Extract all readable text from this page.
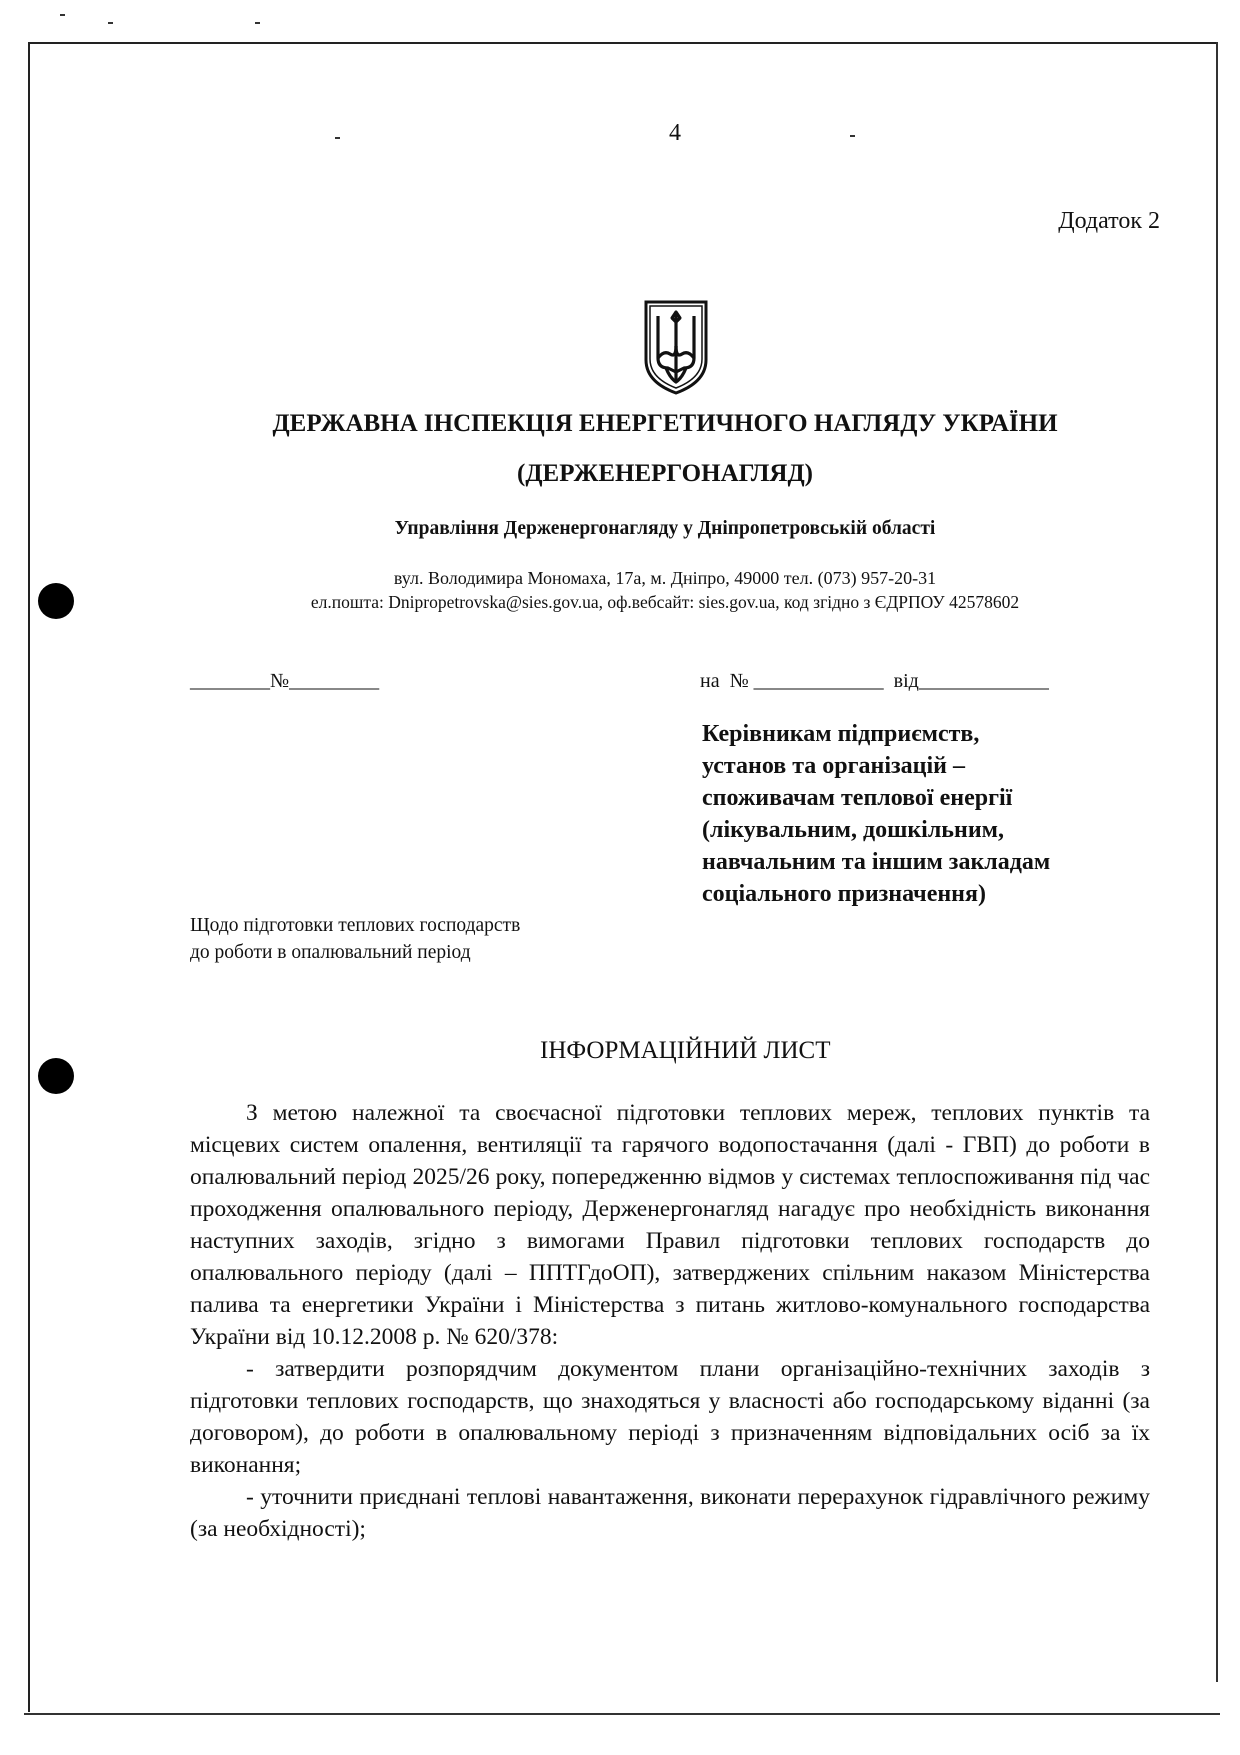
4
Додаток 2
ДЕРЖАВНА ІНСПЕКЦІЯ ЕНЕРГЕТИЧНОГО НАГЛЯДУ УКРАЇНИ
(ДЕРЖЕНЕРГОНАГЛЯД)
Управління Держенергонагляду у Дніпропетровській області
вул. Володимира Мономаха, 17а, м. Дніпро, 49000 тел. (073) 957-20-31
ел.пошта: Dnipropetrovska@sies.gov.ua, оф.вебсайт: sies.gov.ua, код згідно з ЄДРПОУ 42578602
________№_________	на  № _____________  від_____________
Керівникам підприємств,
установ та організацій –
споживачам теплової енергії
(лікувальним, дошкільним,
навчальним та іншим закладам
соціального призначення)
Щодо підготовки теплових господарств
до роботи в опалювальний період
ІНФОРМАЦІЙНИЙ ЛИСТ

З метою належної та своєчасної підготовки теплових мереж, теплових пунктів та місцевих систем опалення, вентиляції та гарячого водопостачання (далі - ГВП) до роботи в опалювальний період 2025/26 року, попередженню відмов у системах теплоспоживання під час проходження опалювального періоду, Держенергонагляд нагадує про необхідність виконання наступних заходів, згідно з вимогами Правил підготовки теплових господарств до опалювального періоду (далі – ППТГдоОП), затверджених спільним наказом Міністерства палива та енергетики України і Міністерства з питань житлово-комунального господарства України від 10.12.2008 р. № 620/378:

- затвердити розпорядчим документом плани організаційно-технічних заходів з підготовки теплових господарств, що знаходяться у власності або господарському віданні (за договором), до роботи в опалювальному періоді з призначенням відповідальних осіб за їх виконання;

- уточнити приєднані теплові навантаження, виконати перерахунок гідравлічного режиму (за необхідності);
